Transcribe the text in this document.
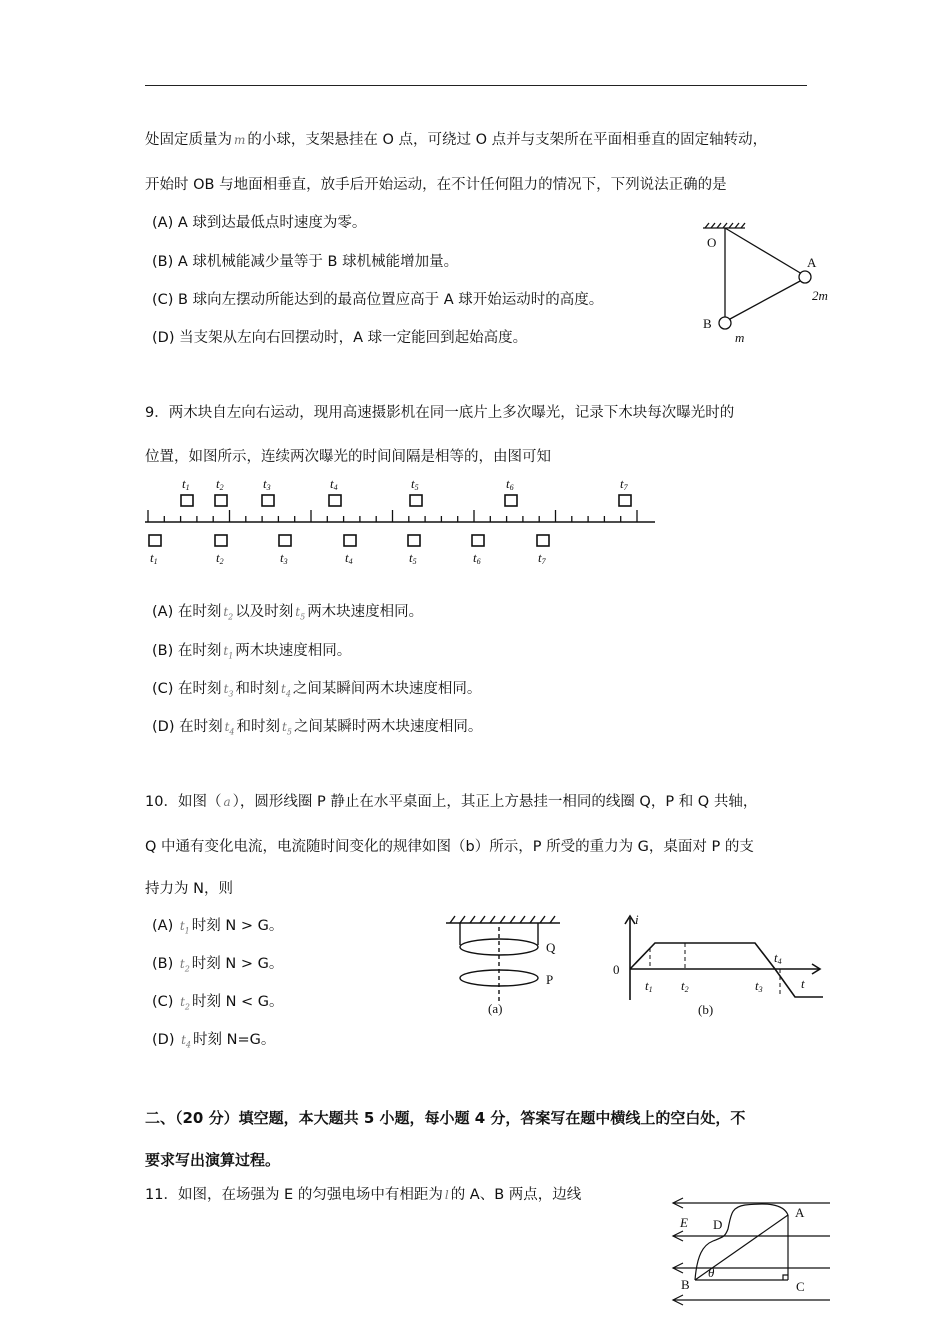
处固定质量为 m 的小球，支架悬挂在 O 点，可绕过 O 点并与支架所在平面相垂直的固定轴转动，
开始时 OB 与地面相垂直，放手后开始运动，在不计任何阻力的情况下，下列说法正确的是
(A) A 球到达最低点时速度为零。
(B) A 球机械能减少量等于 B 球机械能增加量。
(C) B 球向左摆动所能达到的最高位置应高于 A 球开始运动时的高度。
(D) 当支架从左向右回摆动时，A 球一定能回到起始高度。
9．两木块自左向右运动，现用高速摄影机在同一底片上多次曝光，记录下木块每次曝光时的
位置，如图所示，连续两次曝光的时间间隔是相等的，由图可知
(A) 在时刻 $t_2$ 以及时刻 $t_5$ 两木块速度相同。
(B) 在时刻 $t_1$ 两木块速度相同。
(C) 在时刻 $t_3$ 和时刻 $t_4$ 之间某瞬间两木块速度相同。
(D) 在时刻 $t_4$ 和时刻 $t_5$ 之间某瞬时两木块速度相同。
10．如图（ a ），圆形线圈 P 静止在水平桌面上，其正上方悬挂一相同的线圈 Q，P 和 Q 共轴，
Q 中通有变化电流，电流随时间变化的规律如图（b）所示，P 所受的重力为 G，桌面对 P 的支
持力为 N，则
(A) $t_1$ 时刻 N > G。
(B) $t_2$ 时刻 N > G。
(C) $t_2$ 时刻 N < G。
(D) $t_4$ 时刻 N=G。
二、（20 分）填空题，本大题共 5 小题，每小题 4 分，答案写在题中横线上的空白处，不
要求写出演算过程。
11．如图，在场强为 E 的匀强电场中有相距为 l 的 A、B 两点，边线
O
A
2m
B
m
t1 t2	t3	t4	t5	t6	t7
t1	t2	t3	t4	t5	t6	t7
Q
P
(a)
i
0
t
t1 t2	t3
t4
(b)
E D
A
B	C
θ
